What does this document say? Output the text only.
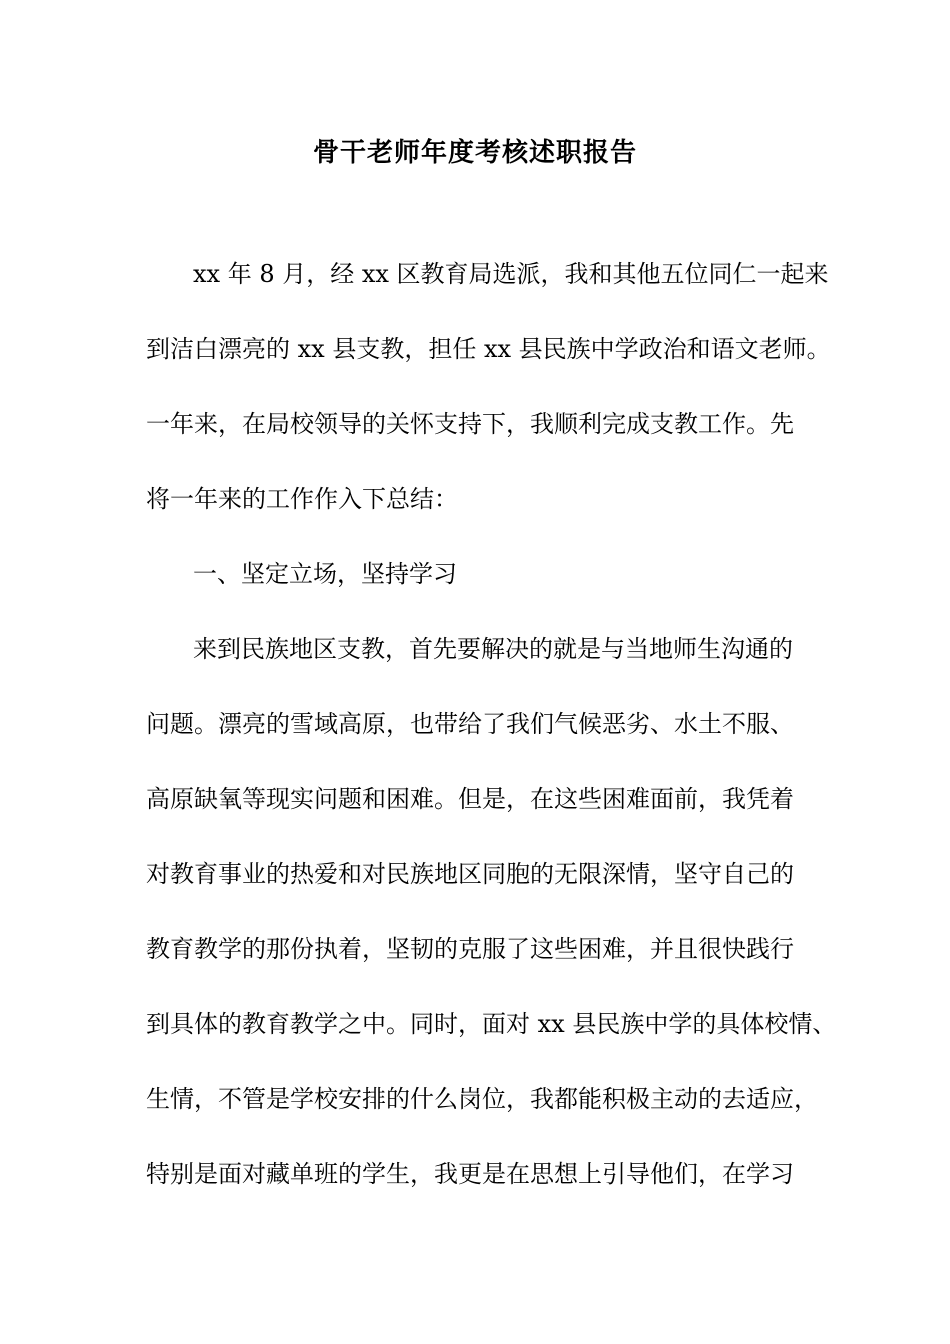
骨干老师年度考核述职报告
xx 年 8 月，经 xx 区教育局选派，我和其他五位同仁一起来
到洁白漂亮的 xx 县支教，担任 xx 县民族中学政治和语文老师。
一年来，在局校领导的关怀支持下，我顺利完成支教工作。先
将一年来的工作作入下总结：
一、坚定立场，坚持学习
来到民族地区支教，首先要解决的就是与当地师生沟通的
问题。漂亮的雪域高原，也带给了我们气候恶劣、水土不服、
高原缺氧等现实问题和困难。但是，在这些困难面前，我凭着
对教育事业的热爱和对民族地区同胞的无限深情，坚守自己的
教育教学的那份执着，坚韧的克服了这些困难，并且很快践行
到具体的教育教学之中。同时，面对 xx 县民族中学的具体校情、
生情，不管是学校安排的什么岗位，我都能积极主动的去适应，
特别是面对藏单班的学生，我更是在思想上引导他们，在学习
